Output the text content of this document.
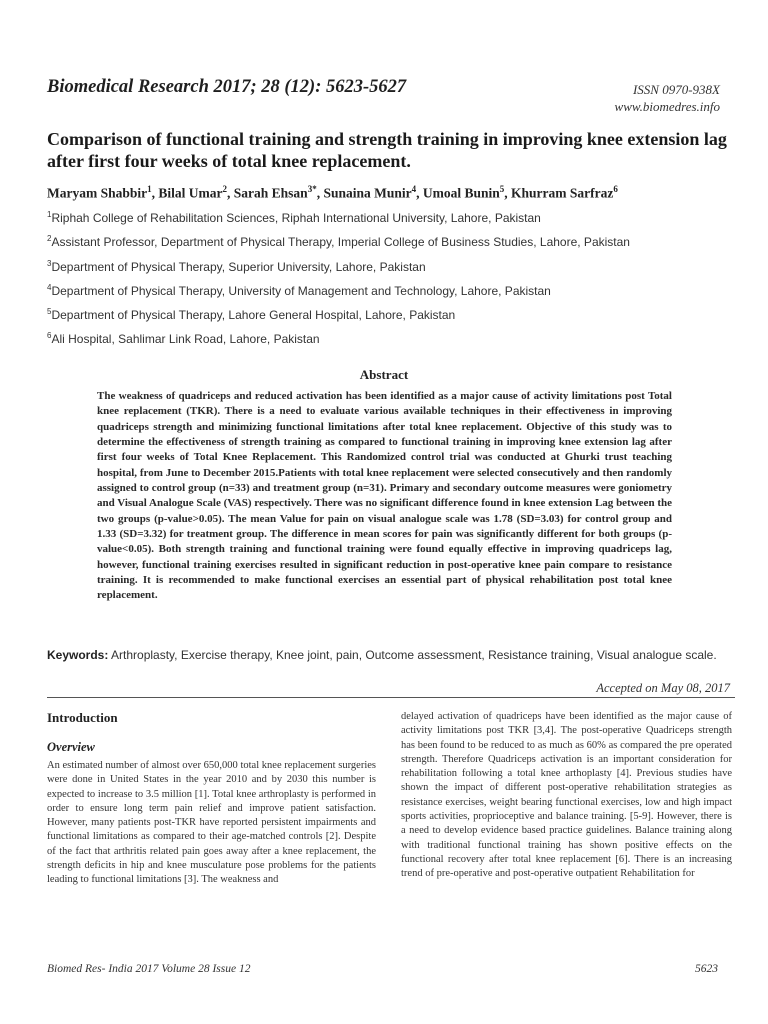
Biomedical Research 2017; 28 (12): 5623-5627	ISSN 0970-938X
www.biomedres.info
Comparison of functional training and strength training in improving knee extension lag after first four weeks of total knee replacement.
Maryam Shabbir$^1$, Bilal Umar$^2$, Sarah Ehsan$^{3*}$, Sunaina Munir$^4$, Umoal Bunin$^5$, Khurram Sarfraz$^6$
$^1$Riphah College of Rehabilitation Sciences, Riphah International University, Lahore, Pakistan
$^2$Assistant Professor, Department of Physical Therapy, Imperial College of Business Studies, Lahore, Pakistan
$^3$Department of Physical Therapy, Superior University, Lahore, Pakistan
$^4$Department of Physical Therapy, University of Management and Technology, Lahore, Pakistan
$^5$Department of Physical Therapy, Lahore General Hospital, Lahore, Pakistan
$^6$Ali Hospital, Sahlimar Link Road, Lahore, Pakistan
Abstract
The weakness of quadriceps and reduced activation has been identified as a major cause of activity limitations post Total knee replacement (TKR). There is a need to evaluate various available techniques in their effectiveness in improving quadriceps strength and minimizing functional limitations after total knee replacement. Objective of this study was to determine the effectiveness of strength training as compared to functional training in improving knee extension lag after first four weeks of Total Knee Replacement. This Randomized control trial was conducted at Ghurki trust teaching hospital, from June to December 2015.Patients with total knee replacement were selected consecutively and then randomly assigned to control group (n=33) and treatment group (n=31). Primary and secondary outcome measures were goniometry and Visual Analogue Scale (VAS) respectively. There was no significant difference found in knee extension Lag between the two groups (p-value>0.05). The mean Value for pain on visual analogue scale was 1.78 (SD=3.03) for control group and 1.33 (SD=3.32) for treatment group. The difference in mean scores for pain was significantly different for both groups (p-value<0.05). Both strength training and functional training were found equally effective in improving quadriceps lag, however, functional training exercises resulted in significant reduction in post-operative knee pain compare to resistance training. It is recommended to make functional exercises an essential part of physical rehabilitation post total knee replacement.
Keywords: Arthroplasty, Exercise therapy, Knee joint, pain, Outcome assessment, Resistance training, Visual analogue scale.
Accepted on May 08, 2017
Introduction
Overview
An estimated number of almost over 650,000 total knee replacement surgeries were done in United States in the year 2010 and by 2030 this number is expected to increase to 3.5 million [1]. Total knee arthroplasty is performed in order to ensure long term pain relief and improve patient satisfaction. However, many patients post-TKR have reported persistent impairments and functional limitations as compared to their age-matched controls [2]. Despite of the fact that arthritis related pain goes away after a knee replacement, the strength deficits in hip and knee musculature pose problems for the patients leading to functional limitations [3]. The weakness and
delayed activation of quadriceps have been identified as the major cause of activity limitations post TKR [3,4]. The post-operative Quadriceps strength has been found to be reduced to as much as 60% as compared the pre operated strength. Therefore Quadriceps activation is an important consideration for rehabilitation following a total knee arthoplasty [4]. Previous studies have shown the impact of different post-operative rehabilitation strategies as resistance exercises, weight bearing functional exercises, low and high impact sports activities, proprioceptive and balance training. [5-9]. However, there is a need to develop evidence based practice guidelines. Balance training along with traditional functional training has shown positive effects on the functional recovery after total knee replacement [6]. There is an increasing trend of pre-operative and post-operative outpatient Rehabilitation for
Biomed Res- India 2017 Volume 28 Issue 12	5623
